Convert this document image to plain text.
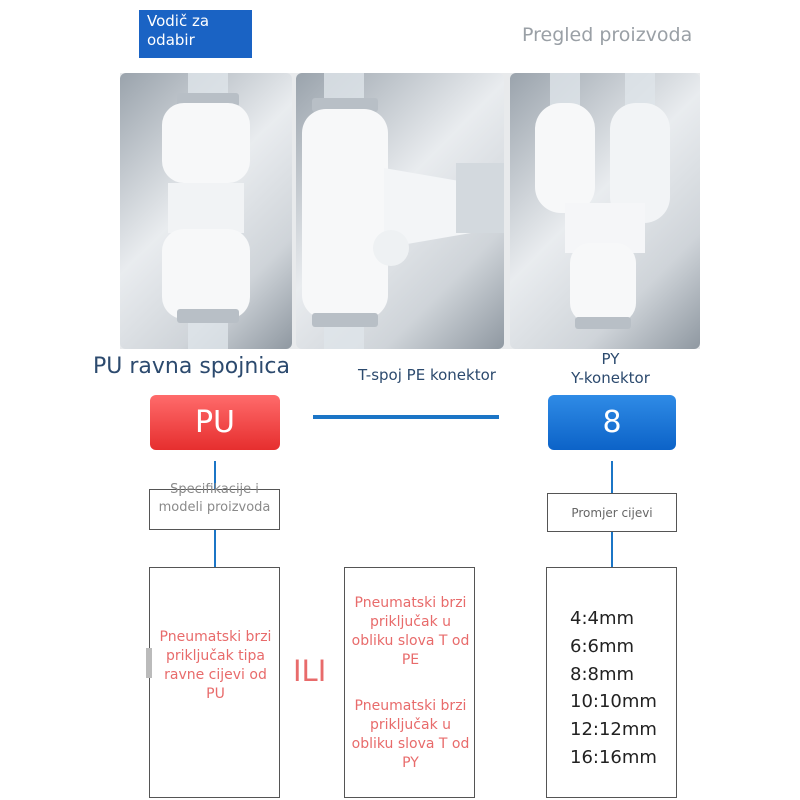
Vodič za odabir	Pregled proizvoda
PU ravna spojnica	T-spoj PE konektor
PY
Y-konektor
PU	8
Specifikacije i modeli proizvoda	Promjer cijevi
Pneumatski brzi priključak tipa ravne cijevi od PU
ILI
Pneumatski brzi priključak u obliku slova T od PE
Pneumatski brzi priključak u obliku slova T od PY
4:4mm
6:6mm
8:8mm
10:10mm
12:12mm
16:16mm
